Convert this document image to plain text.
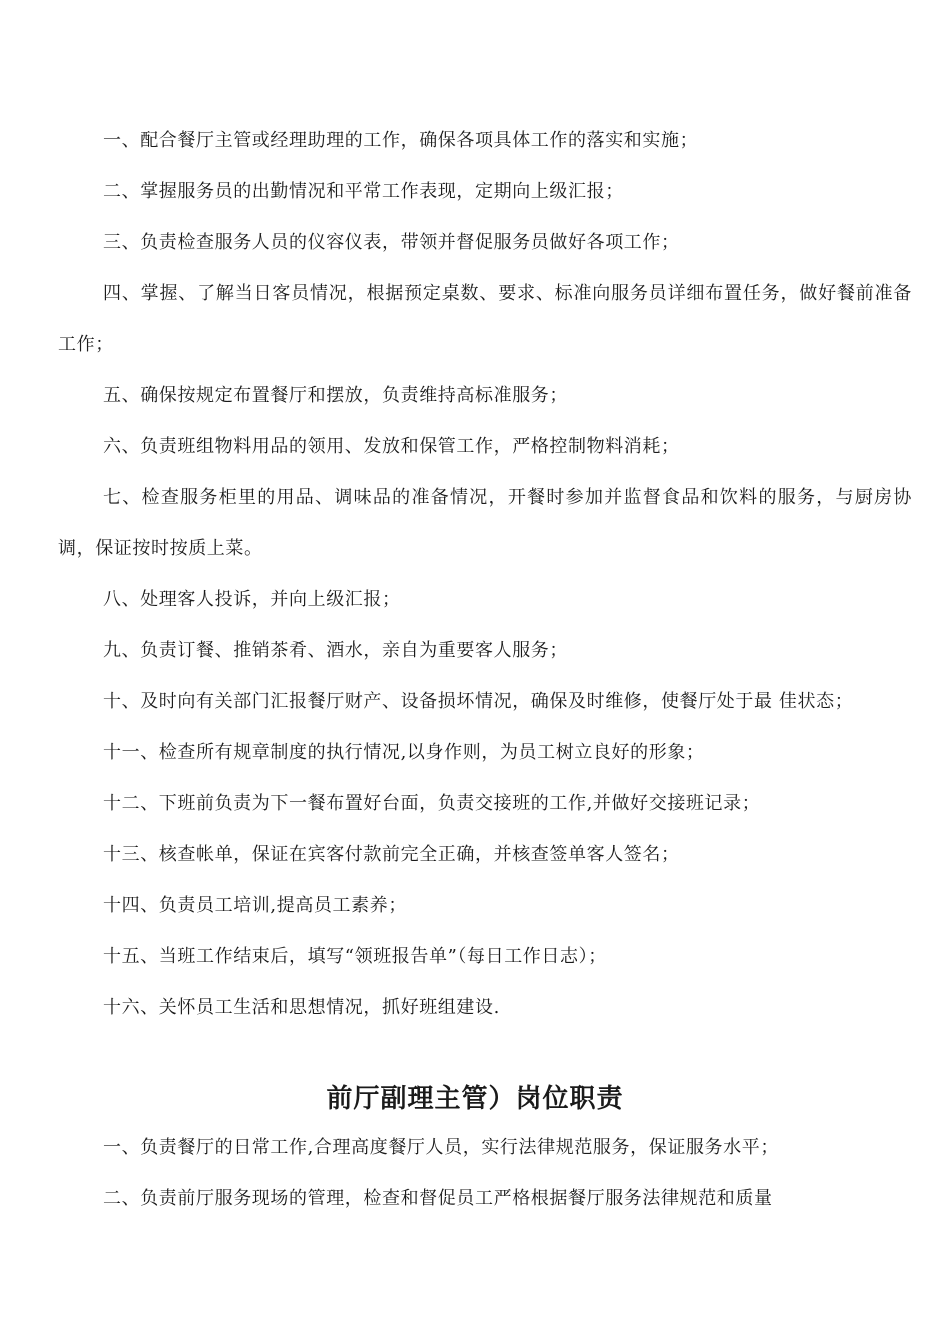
一、配合餐厅主管或经理助理的工作，确保各项具体工作的落实和实施；

二、掌握服务员的出勤情况和平常工作表现，定期向上级汇报；

三、负责检查服务人员的仪容仪表，带领并督促服务员做好各项工作；

四、掌握、了解当日客员情况，根据预定桌数、要求、标准向服务员详细布置任务，做好餐前准备工作；

五、确保按规定布置餐厅和摆放，负责维持高标准服务；

六、负责班组物料用品的领用、发放和保管工作，严格控制物料消耗；

七、检查服务柜里的用品、调味品的准备情况，开餐时参加并监督食品和饮料的服务，与厨房协调，保证按时按质上菜。

八、处理客人投诉，并向上级汇报；

九、负责订餐、推销茶肴、酒水，亲自为重要客人服务；

十、及时向有关部门汇报餐厅财产、设备损坏情况，确保及时维修，使餐厅处于最 佳状态；

十一、检查所有规章制度的执行情况,以身作则，为员工树立良好的形象；

十二、下班前负责为下一餐布置好台面，负责交接班的工作,并做好交接班记录；

十三、核查帐单，保证在宾客付款前完全正确，并核查签单客人签名；

十四、负责员工培训,提高员工素养；

十五、当班工作结束后，填写“领班报告单”（每日工作日志）；

十六、关怀员工生活和思想情况，抓好班组建设.

前厅副理主管）岗位职责

一、负责餐厅的日常工作,合理高度餐厅人员，实行法律规范服务，保证服务水平；

二、负责前厅服务现场的管理，检查和督促员工严格根据餐厅服务法律规范和质量
